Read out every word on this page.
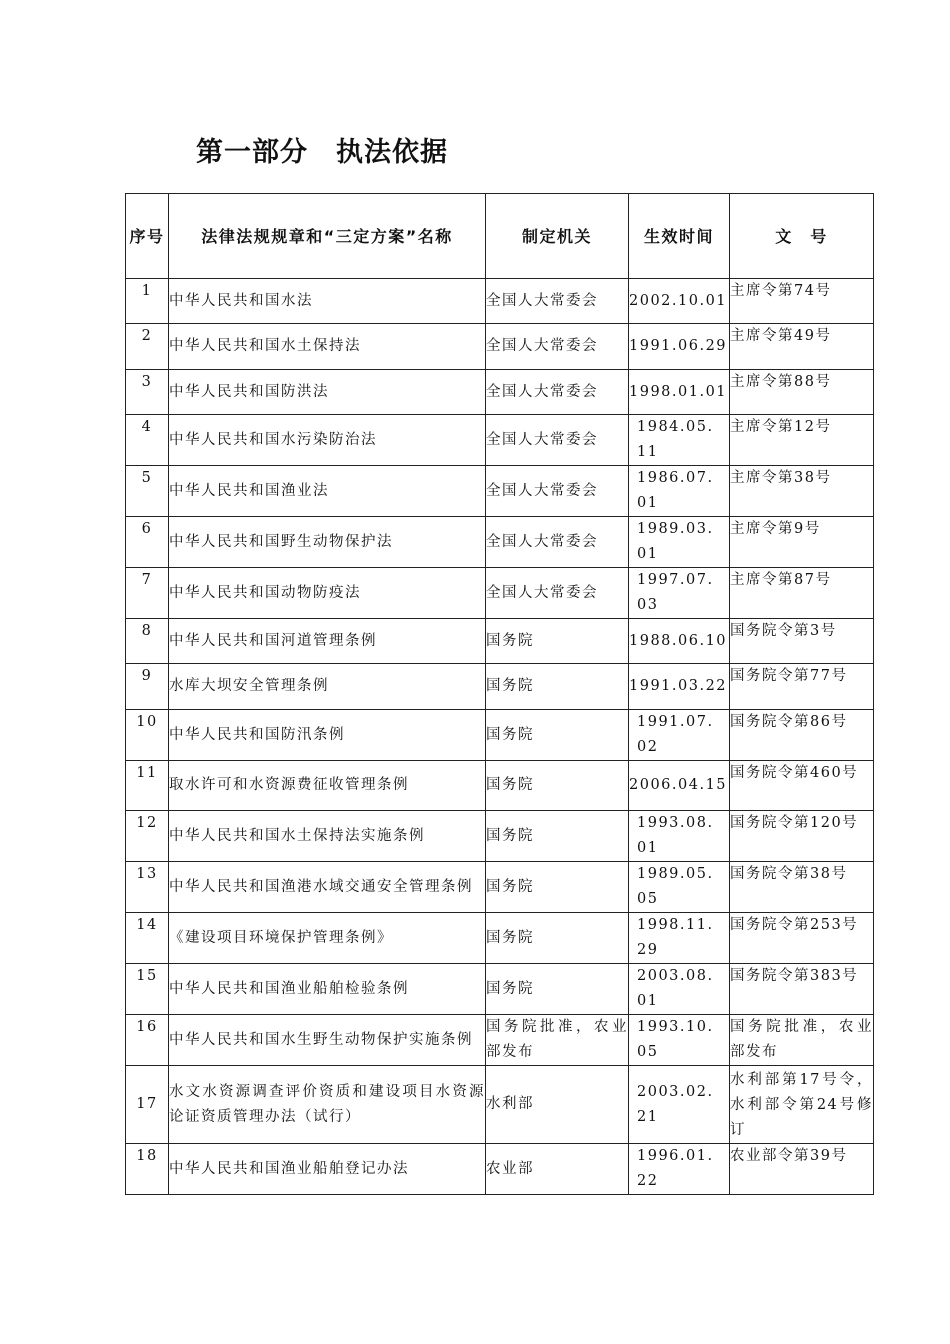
第一部分　执法依据
序号	法律法规规章和“三定方案”名称	制定机关	生效时间	文　号
1	中华人民共和国水法	全国人大常委会	2002.10.01	主席令第74号
2	中华人民共和国水土保持法	全国人大常委会	1991.06.29	主席令第49号
3	中华人民共和国防洪法	全国人大常委会	1998.01.01	主席令第88号
4	中华人民共和国水污染防治法	全国人大常委会	1984.05.11	主席令第12号
5	中华人民共和国渔业法	全国人大常委会	1986.07.01	主席令第38号
6	中华人民共和国野生动物保护法	全国人大常委会	1989.03.01	主席令第9号
7	中华人民共和国动物防疫法	全国人大常委会	1997.07.03	主席令第87号
8	中华人民共和国河道管理条例	国务院	1988.06.10	国务院令第3号
9	水库大坝安全管理条例	国务院	1991.03.22	国务院令第77号
10	中华人民共和国防汛条例	国务院	1991.07.02	国务院令第86号
11	取水许可和水资源费征收管理条例	国务院	2006.04.15	国务院令第460号
12	中华人民共和国水土保持法实施条例	国务院	1993.08.01	国务院令第120号
13	中华人民共和国渔港水域交通安全管理条例	国务院	1989.05.05	国务院令第38号
14	《建设项目环境保护管理条例》	国务院	1998.11.29	国务院令第253号
15	中华人民共和国渔业船舶检验条例	国务院	2003.08.01	国务院令第383号
16	中华人民共和国水生野生动物保护实施条例	国务院批准，农业部发布	1993.10.05	国务院批准，农业部发布
17	水文水资源调查评价资质和建设项目水资源论证资质管理办法（试行）	水利部	2003.02.21	水利部第17号令，水利部令第24号修订
18	中华人民共和国渔业船舶登记办法	农业部	1996.01.22	农业部令第39号
